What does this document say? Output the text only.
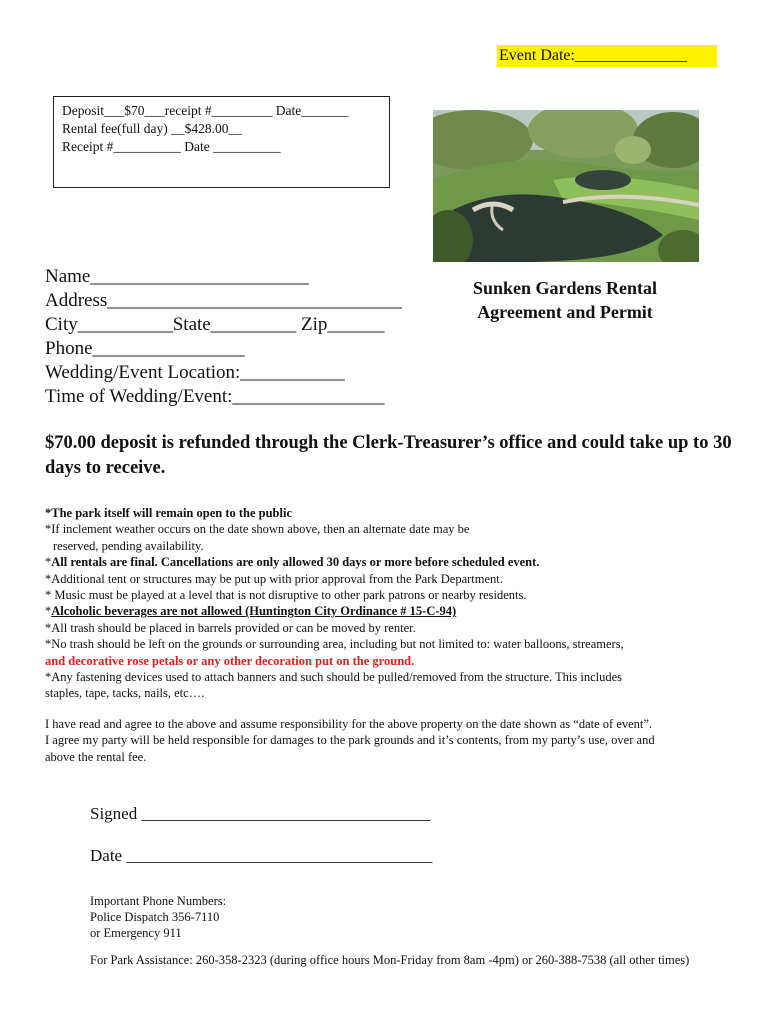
Event Date:______________
Deposit___$70___receipt #_________ Date_______
Rental fee(full day) __$428.00__
Receipt #__________ Date __________
Name_______________________
Address_______________________________
City__________State_________ Zip______
Phone________________
Wedding/Event Location:___________
Time of Wedding/Event:________________
Sunken Gardens Rental
Agreement and Permit
$70.00 deposit is refunded through the Clerk-Treasurer’s office and could take up to 30 days to receive.
*The park itself will remain open to the public
*If inclement weather occurs on the date shown above, then an alternate date may be
reserved, pending availability.
*All rentals are final. Cancellations are only allowed 30 days or more before scheduled event.
*Additional tent or structures may be put up with prior approval from the Park Department.
* Music must be played at a level that is not disruptive to other park patrons or nearby residents.
*Alcoholic beverages are not allowed (Huntington City Ordinance # 15-C-94)
*All trash should be placed in barrels provided or can be moved by renter.
*No trash should be left on the grounds or surrounding area, including but not limited to: water balloons, streamers,
and decorative rose petals or any other decoration put on the ground.
*Any fastening devices used to attach banners and such should be pulled/removed from the structure. This includes
staples, tape, tacks, nails, etc….
I have read and agree to the above and assume responsibility for the above property on the date shown as “date of event”.
I agree my party will be held responsible for damages to the park grounds and it’s contents, from my party’s use, over and
above the rental fee.
Signed __________________________________
Date ____________________________________
Important Phone Numbers:
Police Dispatch 356-7110
or Emergency 911
For Park Assistance: 260-358-2323 (during office hours Mon-Friday from 8am -4pm) or 260-388-7538 (all other times)
